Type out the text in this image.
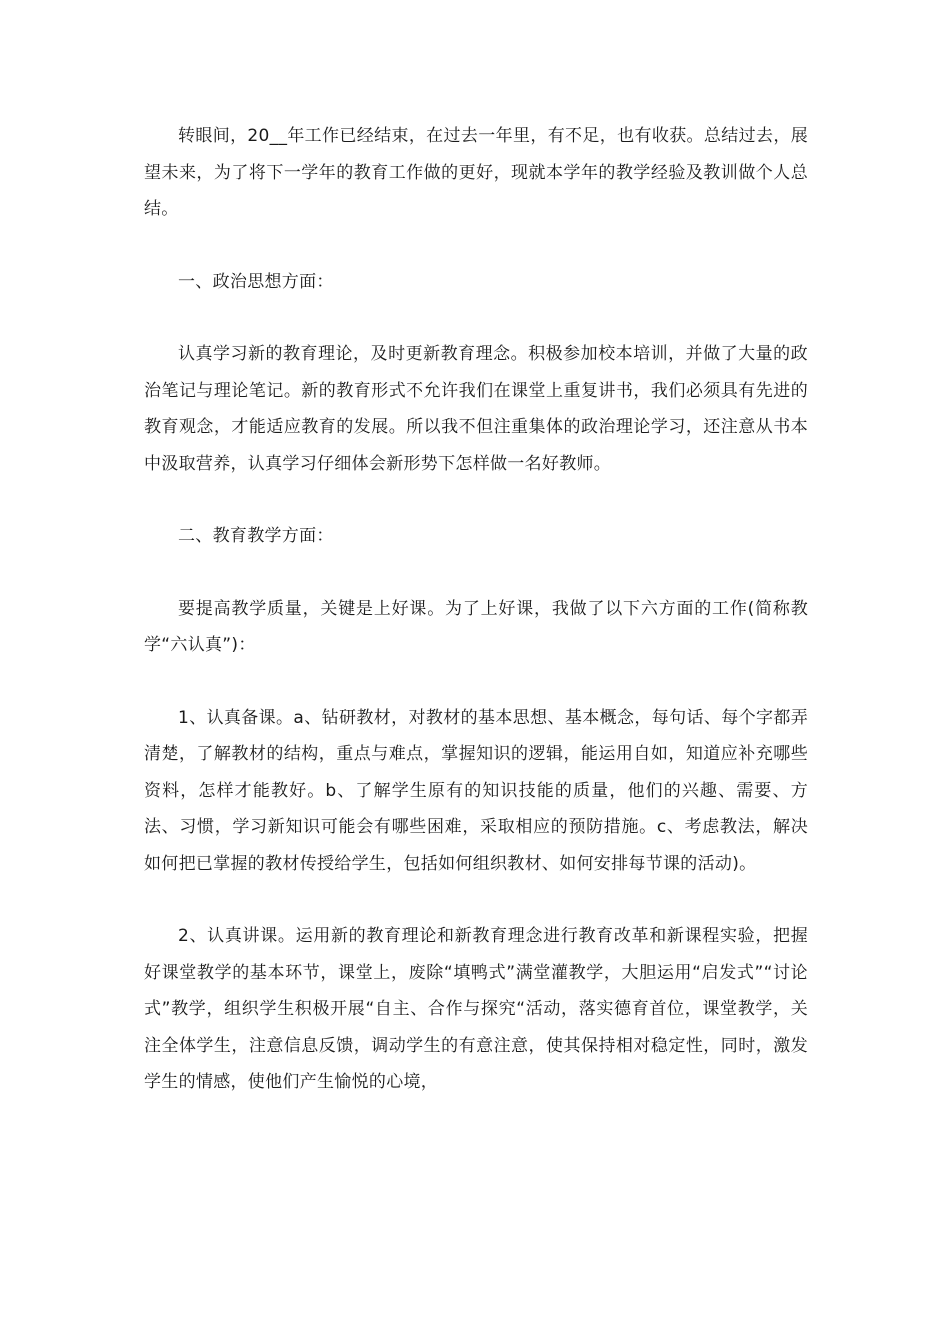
转眼间，20__年工作已经结束，在过去一年里，有不足，也有收获。总结过去，展望未来，为了将下一学年的教育工作做的更好，现就本学年的教学经验及教训做个人总结。

一、政治思想方面：

认真学习新的教育理论，及时更新教育理念。积极参加校本培训，并做了大量的政治笔记与理论笔记。新的教育形式不允许我们在课堂上重复讲书，我们必须具有先进的教育观念，才能适应教育的发展。所以我不但注重集体的政治理论学习，还注意从书本中汲取营养，认真学习仔细体会新形势下怎样做一名好教师。

二、教育教学方面：

要提高教学质量，关键是上好课。为了上好课，我做了以下六方面的工作(简称教学“六认真”)：

1、认真备课。a、钻研教材，对教材的基本思想、基本概念，每句话、每个字都弄清楚，了解教材的结构，重点与难点，掌握知识的逻辑，能运用自如，知道应补充哪些资料，怎样才能教好。b、了解学生原有的知识技能的质量，他们的兴趣、需要、方法、习惯，学习新知识可能会有哪些困难，采取相应的预防措施。c、考虑教法，解决如何把已掌握的教材传授给学生，包括如何组织教材、如何安排每节课的活动)。

2、认真讲课。运用新的教育理论和新教育理念进行教育改革和新课程实验，把握好课堂教学的基本环节，课堂上，废除“填鸭式”满堂灌教学，大胆运用“启发式”“讨论式”教学，组织学生积极开展“自主、合作与探究“活动，落实德育首位，课堂教学，关注全体学生，注意信息反馈，调动学生的有意注意，使其保持相对稳定性，同时，激发学生的情感，使他们产生愉悦的心境，
